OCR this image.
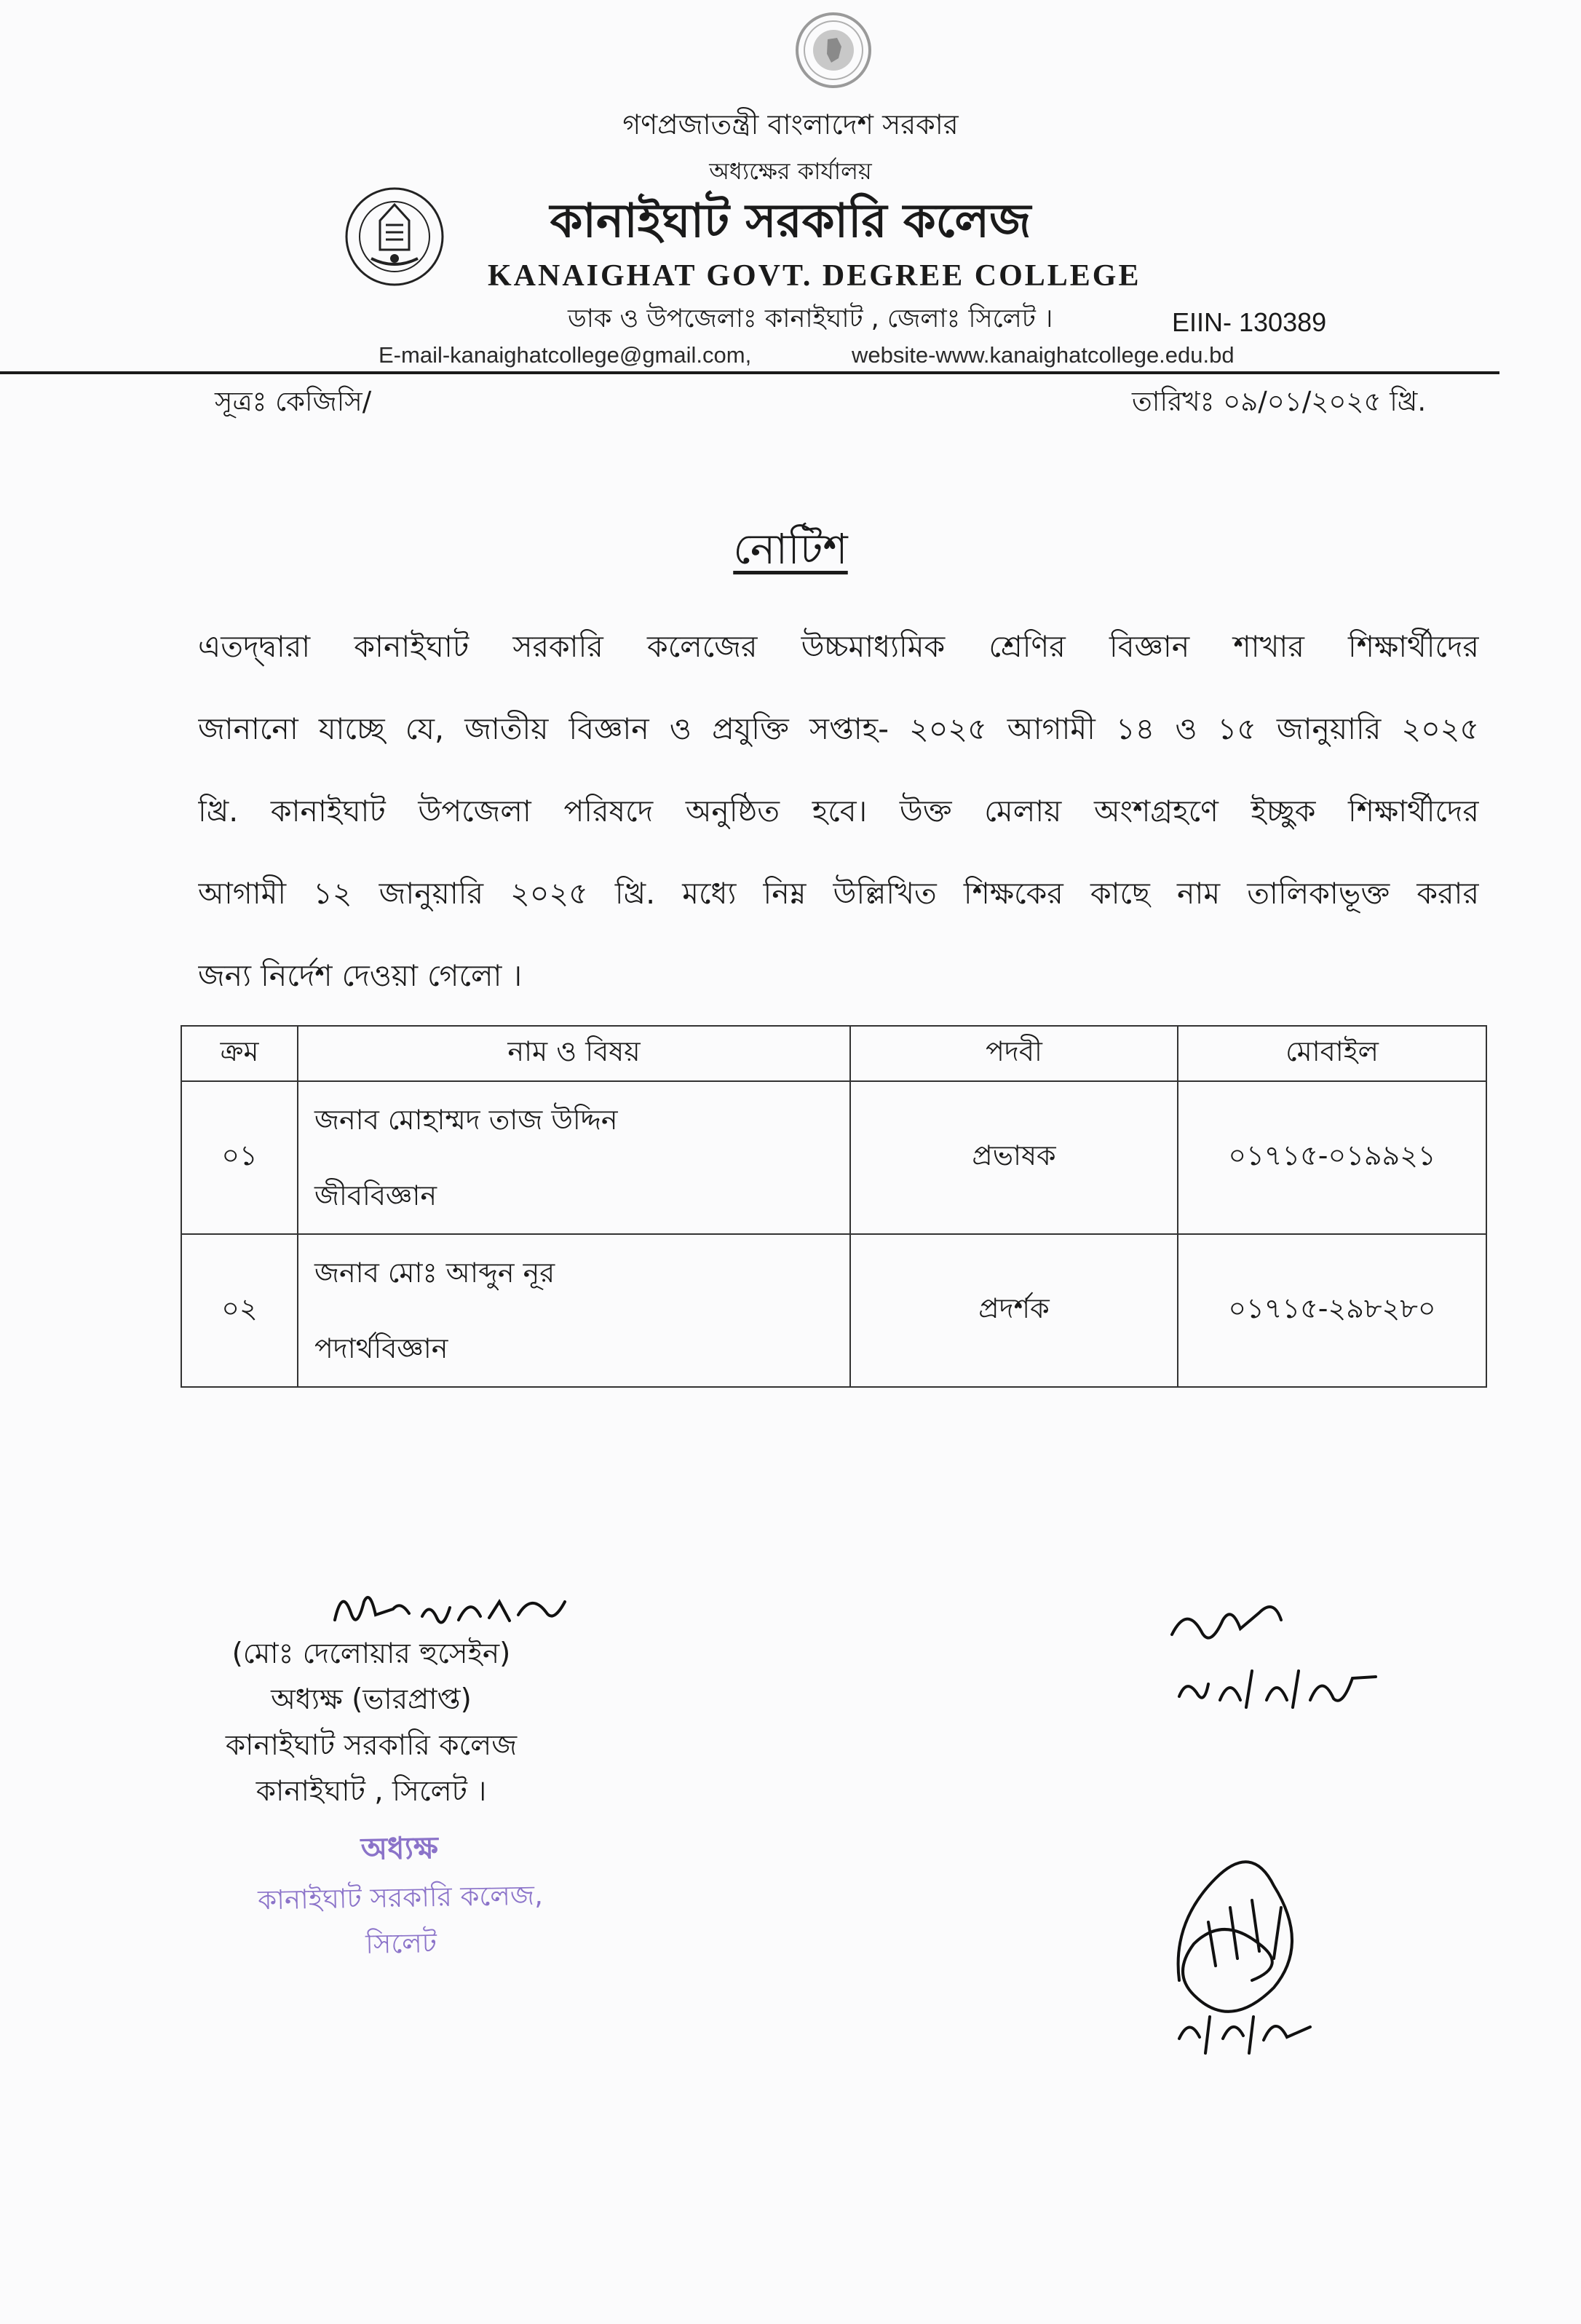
গণপ্রজাতন্ত্রী বাংলাদেশ সরকার
অধ্যক্ষের কার্যালয়
কানাইঘাট সরকারি কলেজ
KANAIGHAT GOVT. DEGREE COLLEGE
ডাক ও উপজেলাঃ কানাইঘাট , জেলাঃ সিলেট ।	EIIN- 130389
E-mail-kanaighatcollege@gmail.com,	website-www.kanaighatcollege.edu.bd
সূত্রঃ কেজিসি/	তারিখঃ ০৯/০১/২০২৫ খ্রি.
নোটিশ
এতদ্দ্বারা কানাইঘাট সরকারি কলেজের উচ্চমাধ্যমিক শ্রেণির বিজ্ঞান শাখার শিক্ষার্থীদের
জানানো যাচ্ছে যে, জাতীয় বিজ্ঞান ও প্রযুক্তি সপ্তাহ- ২০২৫ আগামী ১৪ ও ১৫ জানুয়ারি ২০২৫
খ্রি. কানাইঘাট উপজেলা পরিষদে অনুষ্ঠিত হবে। উক্ত মেলায় অংশগ্রহণে ইচ্ছুক শিক্ষার্থীদের
আগামী ১২ জানুয়ারি ২০২৫ খ্রি. মধ্যে নিম্ন উল্লিখিত শিক্ষকের কাছে নাম তালিকাভূক্ত করার
জন্য নির্দেশ দেওয়া গেলো ।
ক্রম	নাম ও বিষয়	পদবী	মোবাইল
০১	জনাব মোহাম্মদ তাজ উদ্দিন
জীববিজ্ঞান	প্রভাষক	০১৭১৫-০১৯৯২১
০২	জনাব মোঃ আব্দুন নূর
পদার্থবিজ্ঞান	প্রদর্শক	০১৭১৫-২৯৮২৮০
(মোঃ দেলোয়ার হুসেইন)
অধ্যক্ষ (ভারপ্রাপ্ত)
কানাইঘাট সরকারি কলেজ
কানাইঘাট , সিলেট ।
অধ্যক্ষ
কানাইঘাট সরকারি কলেজ, সিলেট
